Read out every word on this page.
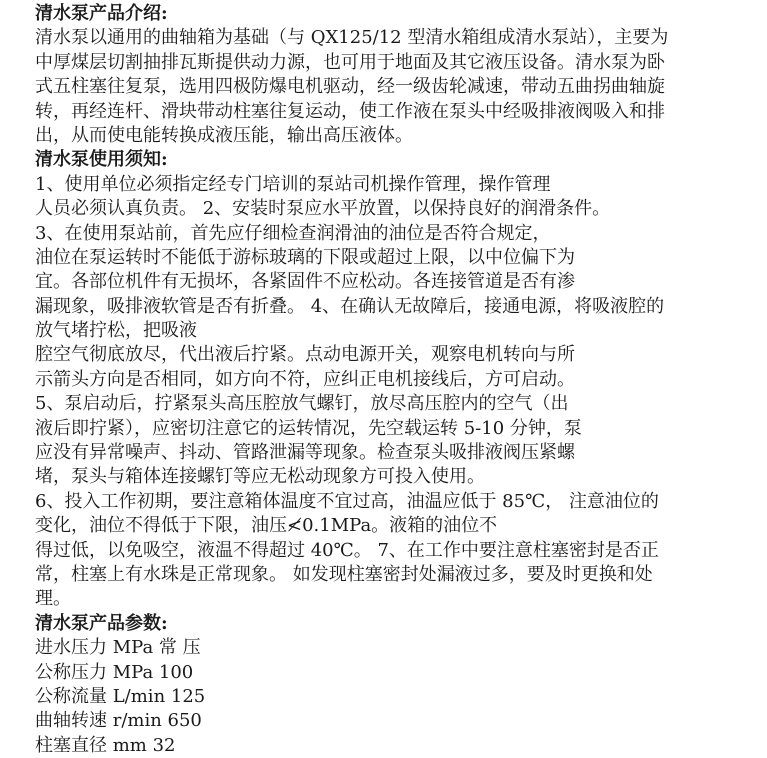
清水泵产品介绍:
清水泵以通用的曲轴箱为基础（与 QX125/12 型清水箱组成清水泵站），主要为
中厚煤层切割抽排瓦斯提供动力源，也可用于地面及其它液压设备。清水泵为卧
式五柱塞往复泵，选用四极防爆电机驱动，经一级齿轮减速，带动五曲拐曲轴旋
转，再经连杆、滑块带动柱塞往复运动，使工作液在泵头中经吸排液阀吸入和排
出，从而使电能转换成液压能，输出高压液体。
清水泵使用须知:
1、使用单位必须指定经专门培训的泵站司机操作管理，操作管理
人员必须认真负责。 2、安装时泵应水平放置，以保持良好的润滑条件。
3、在使用泵站前，首先应仔细检查润滑油的油位是否符合规定，
油位在泵运转时不能低于游标玻璃的下限或超过上限，以中位偏下为
宜。各部位机件有无损坏，各紧固件不应松动。各连接管道是否有渗
漏现象，吸排液软管是否有折叠。 4、在确认无故障后，接通电源，将吸液腔的
放气堵拧松，把吸液
腔空气彻底放尽，代出液后拧紧。点动电源开关，观察电机转向与所
示箭头方向是否相同，如方向不符，应纠正电机接线后，方可启动。
5、泵启动后，拧紧泵头高压腔放气螺钉，放尽高压腔内的空气（出
液后即拧紧），应密切注意它的运转情况，先空载运转 5-10 分钟，泵
应没有异常噪声、抖动、管路泄漏等现象。检查泵头吸排液阀压紧螺
堵，泵头与箱体连接螺钉等应无松动现象方可投入使用。
6、投入工作初期，要注意箱体温度不宜过高，油温应低于 85℃， 注意油位的
变化，油位不得低于下限，油压≮0.1MPa。液箱的油位不
得过低，以免吸空，液温不得超过 40℃。 7、在工作中要注意柱塞密封是否正
常，柱塞上有水珠是正常现象。 如发现柱塞密封处漏液过多，要及时更换和处
理。
清水泵产品参数:
进水压力 MPa 常 压
公称压力 MPa 100
公称流量 L/min 125
曲轴转速 r/min 650
柱塞直径 mm 32
